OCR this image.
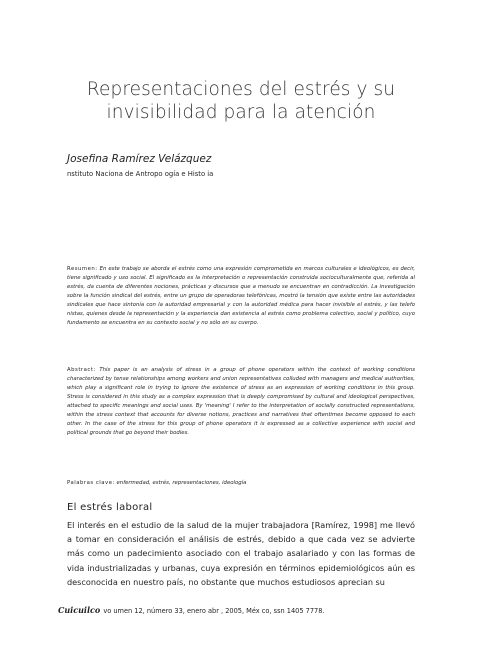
Representaciones del estrés y su
invisibilidad para la atención
Josefina Ramírez Velázquez
nstituto Naciona de Antropo ogía e Histo ia
Resumen: En este trabajo se aborda el estrés como una expresión comprometida en marcos culturales e ideológicos, es decir, tiene significado y uso social. El significado es la interpretación o representación construida socioculturalmente que, referida al estrés, da cuenta de diferentes nociones, prácticas y discursos que a menudo se encuentran en contradicción. La investigación sobre la función sindical del estrés, entre un grupo de operadoras telefónicas, mostró la tensión que existe entre las autoridades sindicales que hace sintonía con la autoridad empresarial y con la autoridad médica para hacer invisible el estrés, y las telefo nistas, quienes desde la representación y la experiencia dan existencia al estrés como problema colectivo, social y político, cuyo fundamento se encuentra en su contexto social y no sólo en su cuerpo.
Abstract: This paper is an analysis of stress in a group of phone operators within the context of working conditions characterized by tense relationships among workers and union representatives colluded with managers and medical authorities, which play a significant role in trying to ignore the existence of stress as an expression of working conditions in this group. Stress is considered in this study as a complex expression that is deeply compromised by cultural and ideological perspectives, attached to specific meanings and social uses. By 'meaning' I refer to the interpretation of socially constructed representations, within the stress context that accounts for diverse notions, practices and narratives that oftentimes become opposed to each other. In the case of the stress for this group of phone operators it is expressed as a collective experience with social and political grounds that go beyond their bodies.
Palabras clave: enfermedad, estrés, representaciones, ideología
El estrés laboral
El interés en el estudio de la salud de la mujer trabajadora [Ramírez, 1998] me llevó a tomar en consideración el análisis de estrés, debido a que cada vez se advierte más como un padecimiento asociado con el trabajo asalariado y con las formas de vida industrializadas y urbanas, cuya expresión en términos epidemiológicos aún es desconocida en nuestro país, no obstante que muchos estudiosos aprecian su
Cuicuilco vo umen 12, número 33, enero abr , 2005, Méx co, ssn 1405 7778.
